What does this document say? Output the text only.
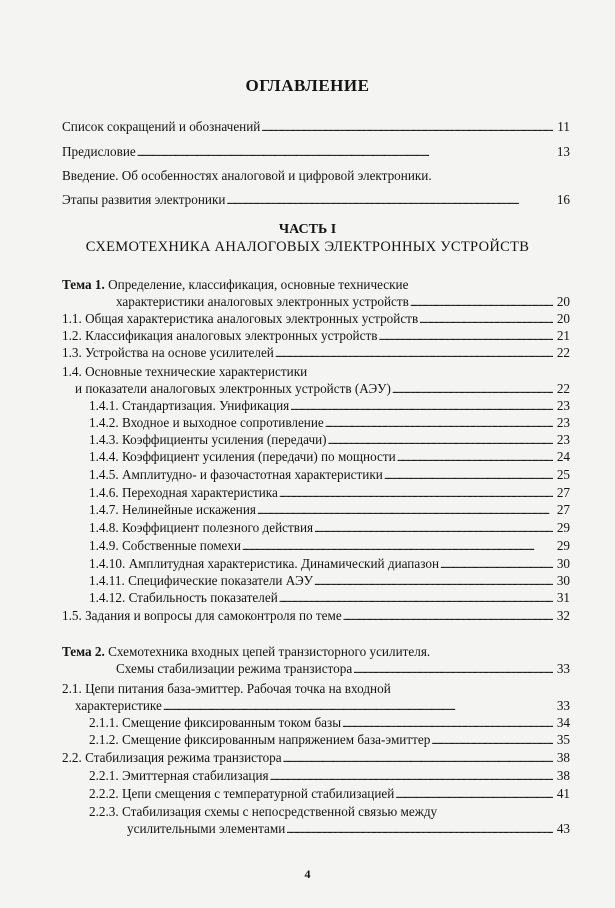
ОГЛАВЛЕНИЕ
Список сокращений и обозначений . . .	11
Предисловие . . .	13
Введение. Об особенностях аналоговой и цифровой электроники.
Этапы развития электроники . . .	16
ЧАСТЬ I
СХЕМОТЕХНИКА АНАЛОГОВЫХ ЭЛЕКТРОННЫХ УСТРОЙСТВ
Тема 1. Определение, классификация, основные технические
характеристики аналоговых электронных устройств . . .	20
1.1. Общая характеристика аналоговых электронных устройств . . .	20
1.2. Классификация аналоговых электронных устройств . . .	21
1.3. Устройства на основе усилителей . . .	22
1.4. Основные технические характеристики
и показатели аналоговых электронных устройств (АЭУ) . . .	22
1.4.1. Стандартизация. Унификация . . .	23
1.4.2. Входное и выходное сопротивление . . .	23
1.4.3. Коэффициенты усиления (передачи) . . .	23
1.4.4. Коэффициент усиления (передачи) по мощности . . .	24
1.4.5. Амплитудно- и фазочастотная характеристики . . .	25
1.4.6. Переходная характеристика . . .	27
1.4.7. Нелинейные искажения . . .	27
1.4.8. Коэффициент полезного действия . . .	29
1.4.9. Собственные помехи . . .	29
1.4.10. Амплитудная характеристика. Динамический диапазон . . .	30
1.4.11. Специфические показатели АЭУ . . .	30
1.4.12. Стабильность показателей . . .	31
1.5. Задания и вопросы для самоконтроля по теме . . .	32
Тема 2. Схемотехника входных цепей транзисторного усилителя.
Схемы стабилизации режима транзистора . . .	33
2.1. Цепи питания база-эмиттер. Рабочая точка на входной
характеристике . . .	33
2.1.1. Смещение фиксированным током базы . . .	34
2.1.2. Смещение фиксированным напряжением база-эмиттер . . .	35
2.2. Стабилизация режима транзистора . . .	38
2.2.1. Эмиттерная стабилизация . . .	38
2.2.2. Цепи смещения с температурной стабилизацией . . .	41
2.2.3. Стабилизация схемы с непосредственной связью между
усилительными элементами . . .	43
4
